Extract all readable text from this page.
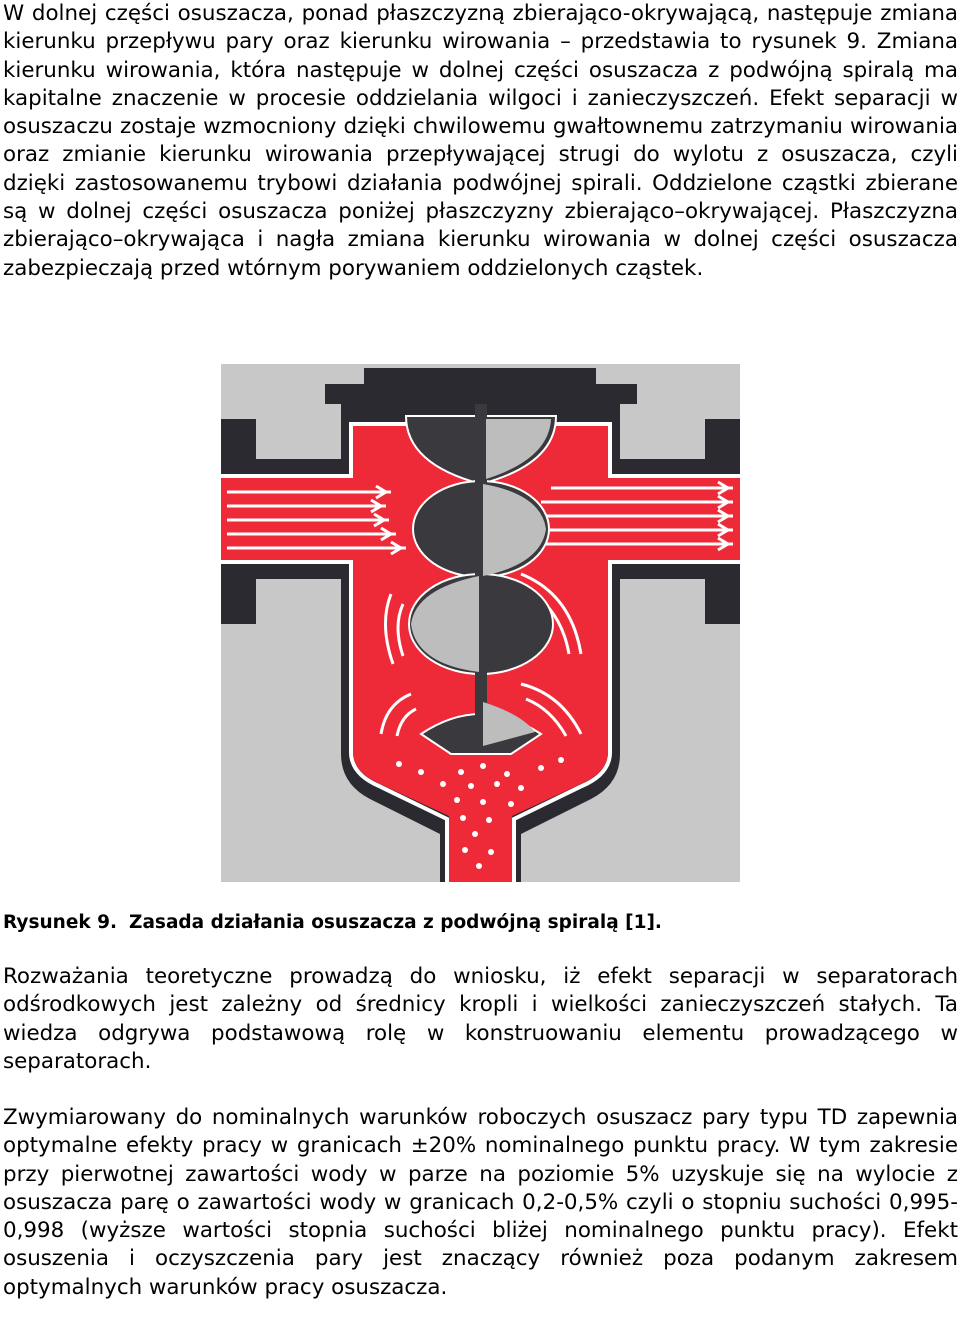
W dolnej części osuszacza, ponad płaszczyzną zbierająco-okrywającą, następuje zmiana kierunku przepływu pary oraz kierunku wirowania – przedstawia to rysunek 9. Zmiana kierunku wirowania, która następuje w dolnej części osuszacza z podwójną spiralą ma kapitalne znaczenie w procesie oddzielania wilgoci i zanieczyszczeń. Efekt separacji w osuszaczu zostaje wzmocniony dzięki chwilowemu gwałtownemu zatrzymaniu wirowania oraz zmianie kierunku wirowania przepływającej strugi do wylotu z osuszacza, czyli dzięki zastosowanemu trybowi działania podwójnej spirali. Oddzielone cząstki zbierane są w dolnej części osuszacza poniżej płaszczyzny zbierająco–okrywającej. Płaszczyzna zbierająco–okrywająca i nagła zmiana kierunku wirowania w dolnej części osuszacza zabezpieczają przed wtórnym porywaniem oddzielonych cząstek.

Rysunek 9. Zasada działania osuszacza z podwójną spiralą [1].

Rozważania teoretyczne prowadzą do wniosku, iż efekt separacji w separatorach odśrodkowych jest zależny od średnicy kropli i wielkości zanieczyszczeń stałych. Ta wiedza odgrywa podstawową rolę w konstruowaniu elementu prowadzącego w separatorach.

Zwymiarowany do nominalnych warunków roboczych osuszacz pary typu TD zapewnia optymalne efekty pracy w granicach ±20% nominalnego punktu pracy. W tym zakresie przy pierwotnej zawartości wody w parze na poziomie 5% uzyskuje się na wylocie z osuszacza parę o zawartości wody w granicach 0,2-0,5% czyli o stopniu suchości 0,995-0,998 (wyższe wartości stopnia suchości bliżej nominalnego punktu pracy). Efekt osuszenia i oczyszczenia pary jest znaczący również poza podanym zakresem optymalnych warunków pracy osuszacza.
